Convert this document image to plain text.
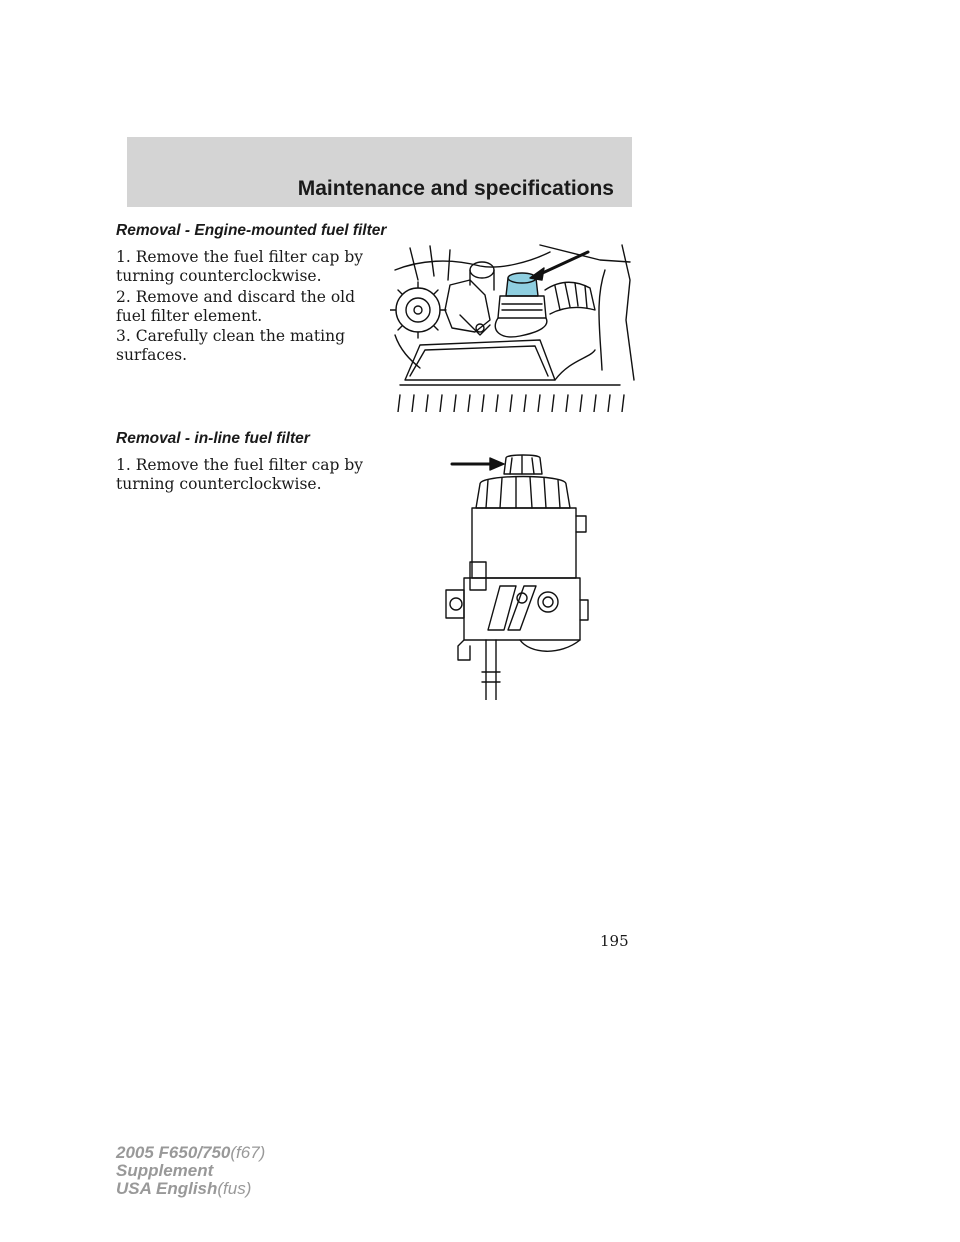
Maintenance and specifications
Removal - Engine-mounted fuel filter

1. Remove the fuel filter cap by turning counterclockwise.

2. Remove and discard the old fuel filter element.

3. Carefully clean the mating surfaces.

Removal - in-line fuel filter

1. Remove the fuel filter cap by turning counterclockwise.

195
2005 F650/750(f67)
Supplement
USA English(fus)
